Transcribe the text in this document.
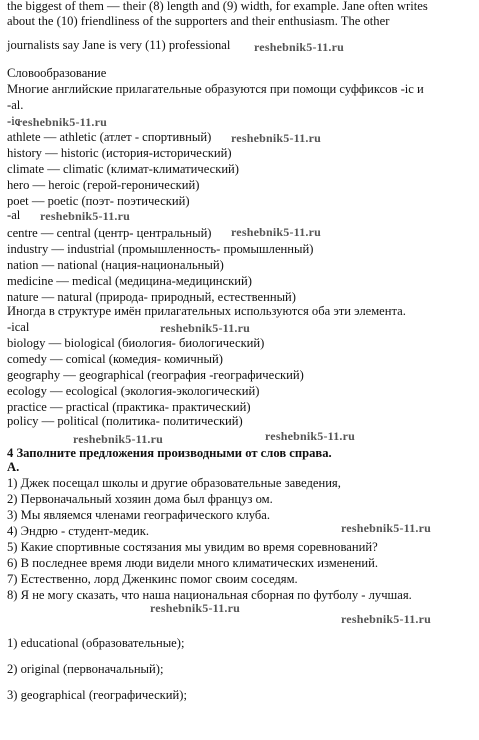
the biggest of them — their (8) length and (9) width, for example. Jane often writes
about the (10) friendliness of the supporters and their enthusiasm. The other
journalists say Jane is very (11) professional
Словообразование
Многие английские прилагательные образуются при помощи суффиксов -ic и
-al.
-ic
athlete — athletic (атлет - спортивный)
history — historic (история-исторический)
climate — climatic (климат-климатический)
hero — heroic (герой-геронический)
poet — poetic (поэт- поэтический)
-al
centre — central (центр- центральный)
industry — industrial (промышленность- промышленный)
nation — national (нация-национальный)
medicine — medical (медицина-медицинский)
nature — natural (природа- природный, естественный)
Иногда в структуре имён прилагательных используются оба эти элемента.
-ical
biology — biological (биология- биологический)
comedy — comical (комедия- комичный)
geography — geographical (география -географический)
ecology — ecological (экология-экологический)
practice — practical (практика- практический)
policy — political (политика- политический)
4 Заполните предложения производными от слов справа.
A.
1) Джек посещал школы и другие образовательные заведения,
2) Первоначальный хозяин дома был француз ом.
3) Мы являемся членами географического клуба.
4) Эндрю - студент-медик.
5) Какие спортивные состязания мы увидим во время соревнований?
6) В последнее время люди видели много климатических изменений.
7) Естественно, лорд Дженкинс помог своим соседям.
8) Я не могу сказать, что наша национальная сборная по футболу - лучшая.
1) educational (образовательные);
2) original (первоначальный);
3) geographical (географический);
reshebnik5-11.ru
reshebnik5-11.ru
reshebnik5-11.ru
reshebnik5-11.ru
reshebnik5-11.ru
reshebnik5-11.ru
reshebnik5-11.ru
reshebnik5-11.ru
reshebnik5-11.ru
reshebnik5-11.ru
reshebnik5-11.ru
